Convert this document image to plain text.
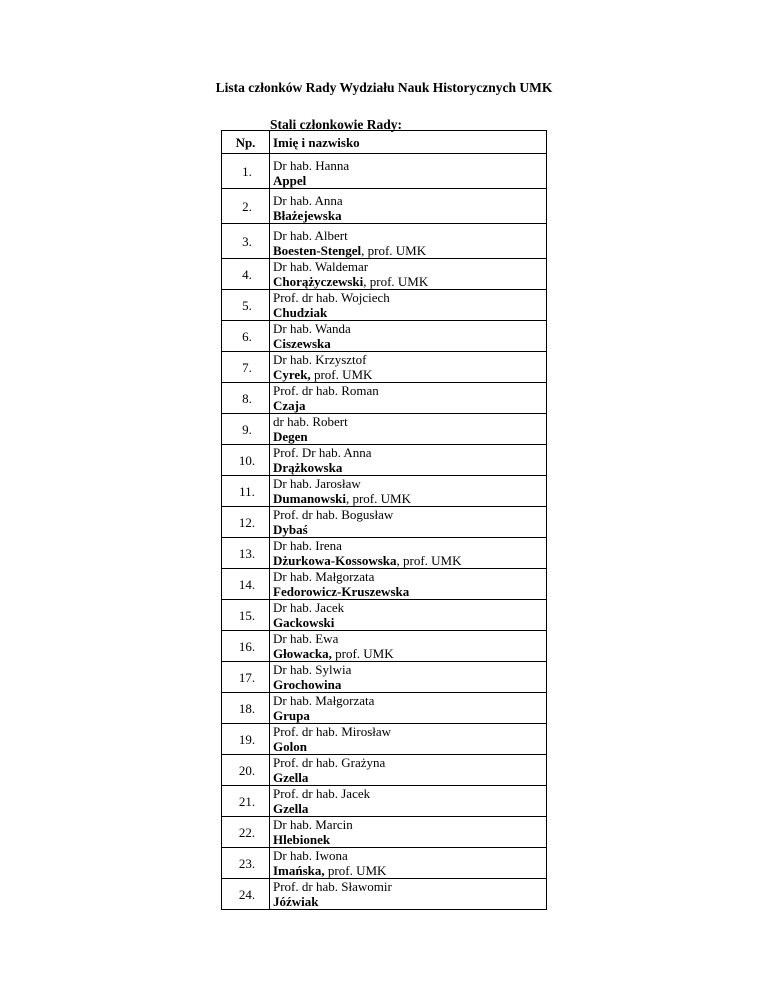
Lista członków Rady Wydziału Nauk Historycznych UMK
Stali członkowie Rady:
Np.	Imię i nazwisko
1.	Dr hab. Hanna
Appel

2.	Dr hab. Anna
Błażejewska

3.	Dr hab. Albert
Boesten-Stengel, prof. UMK

4.	Dr hab. Waldemar
Chorążyczewski, prof. UMK

5.	Prof. dr hab. Wojciech
Chudziak

6.	Dr hab. Wanda
Ciszewska

7.	Dr hab. Krzysztof
Cyrek, prof. UMK

8.	Prof. dr hab. Roman
Czaja

9.	dr hab. Robert
Degen

10.	Prof. Dr hab. Anna
Drążkowska

11.	Dr hab. Jarosław
Dumanowski, prof. UMK

12.	Prof. dr hab. Bogusław
Dybaś

13.	Dr hab. Irena
Dżurkowa-Kossowska, prof. UMK

14.	Dr hab. Małgorzata
Fedorowicz-Kruszewska

15.	Dr hab. Jacek
Gackowski

16.	Dr hab. Ewa
Głowacka, prof. UMK

17.	Dr hab. Sylwia
Grochowina

18.	Dr hab. Małgorzata
Grupa

19.	Prof. dr hab. Mirosław
Golon

20.	Prof. dr hab. Grażyna
Gzella

21.	Prof. dr hab. Jacek
Gzella

22.	Dr hab. Marcin
Hlebionek

23.	Dr hab. Iwona
Imańska, prof. UMK

24.	Prof. dr hab. Sławomir
Jóźwiak
